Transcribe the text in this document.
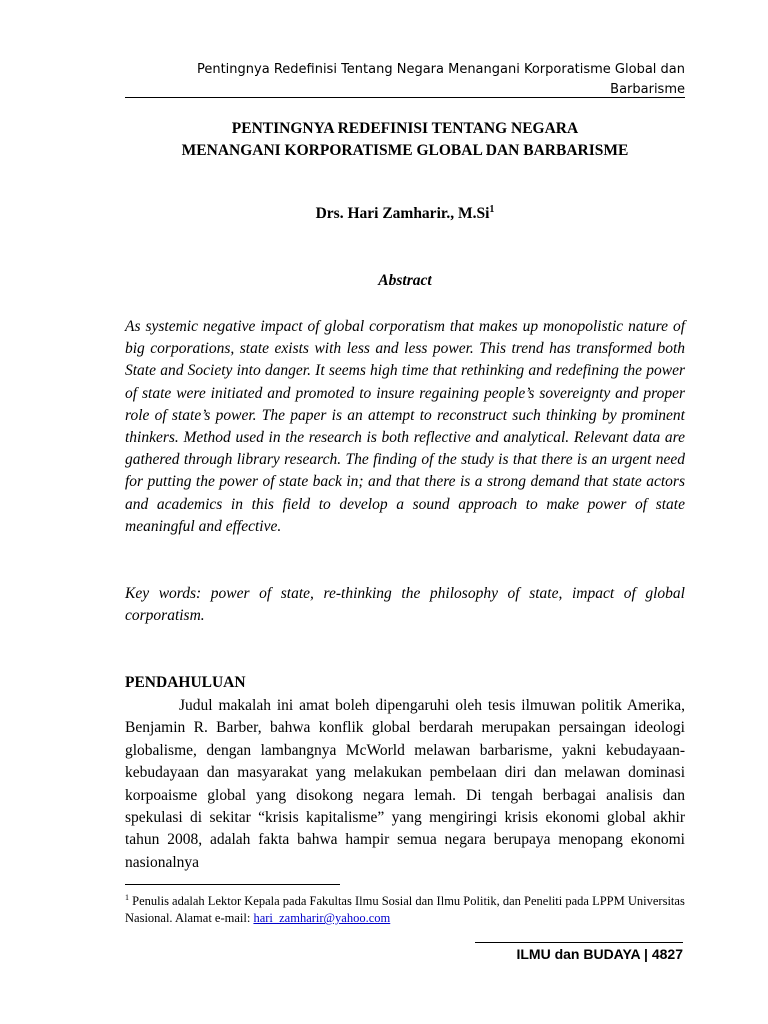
Pentingnya Redefinisi Tentang Negara Menangani Korporatisme Global dan
Barbarisme
PENTINGNYA REDEFINISI TENTANG NEGARA
MENANGANI KORPORATISME GLOBAL DAN BARBARISME
Drs. Hari Zamharir., M.Si$^1$
Abstract
As systemic negative impact of global corporatism that makes up monopolistic nature of big corporations, state exists with less and less power. This trend has transformed both State and Society into danger. It seems high time that rethinking and redefining the power of state were initiated and promoted to insure regaining people’s sovereignty and proper role of state’s power. The paper is an attempt to reconstruct such thinking by prominent thinkers. Method used in the research is both reflective and analytical. Relevant data are gathered through library research. The finding of the study is that there is an urgent need for putting the power of state back in; and that there is a strong demand that state actors and academics in this field to develop a sound approach to make power of state meaningful and effective.
Key words: power of state, re-thinking the philosophy of state, impact of global corporatism.
PENDAHULUAN
Judul makalah ini amat boleh dipengaruhi oleh tesis ilmuwan politik Amerika, Benjamin R. Barber, bahwa konflik global berdarah merupakan persaingan ideologi globalisme, dengan lambangnya McWorld melawan barbarisme, yakni kebudayaan-kebudayaan dan masyarakat yang melakukan pembelaan diri dan melawan dominasi korpoaisme global yang disokong negara lemah. Di tengah berbagai analisis dan spekulasi di sekitar “krisis kapitalisme” yang mengiringi krisis ekonomi global akhir tahun 2008, adalah fakta bahwa hampir semua negara berupaya menopang ekonomi nasionalnya
$^1$ Penulis adalah Lektor Kepala pada Fakultas Ilmu Sosial dan Ilmu Politik, dan Peneliti pada LPPM Universitas Nasional. Alamat e-mail: hari_zamharir@yahoo.com
ILMU dan BUDAYA | 4827
